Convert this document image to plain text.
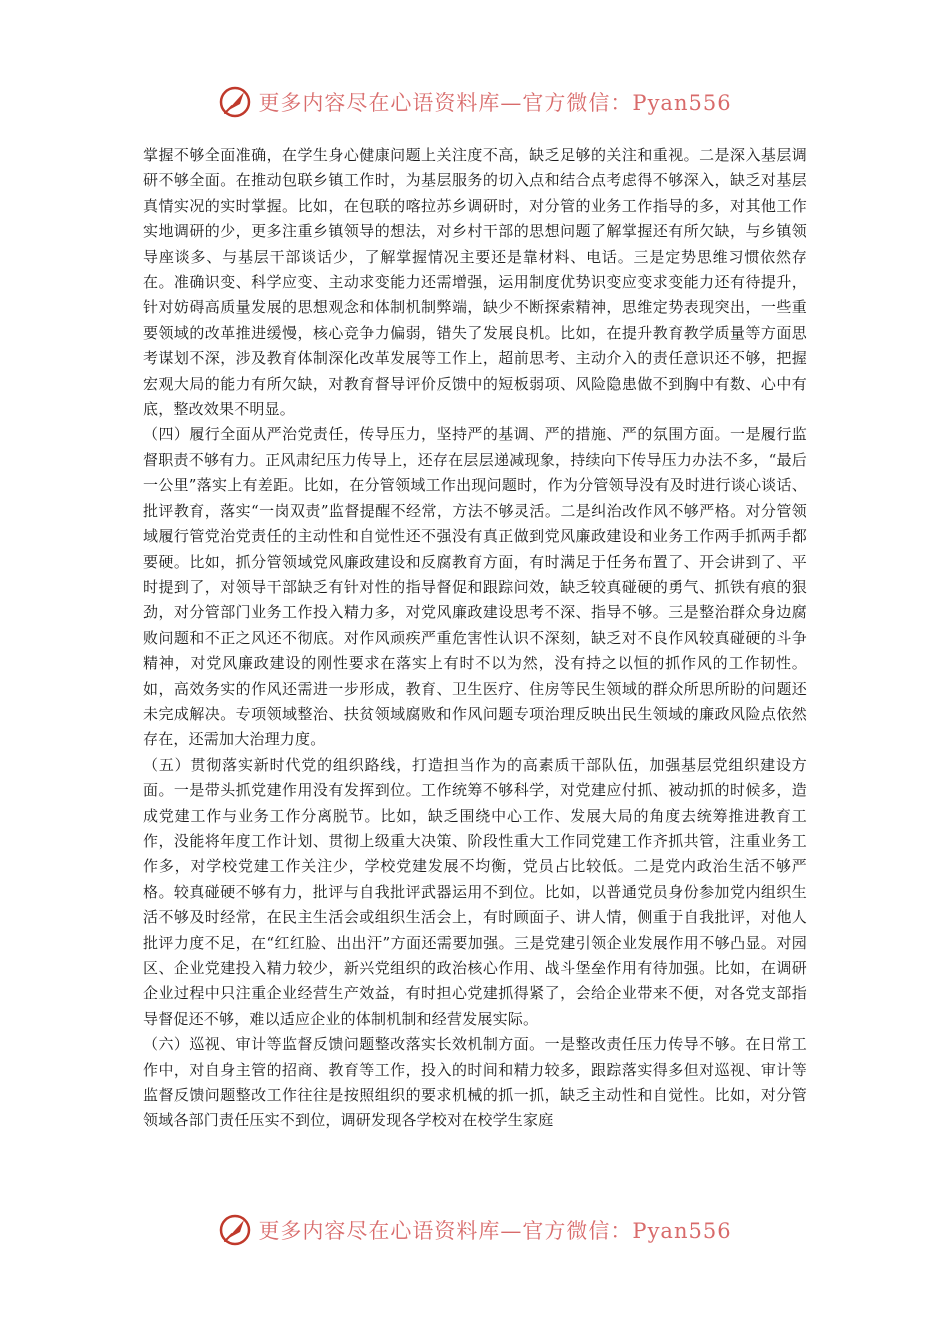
更多内容尽在心语资料库—官方微信：Pyan556

掌握不够全面准确，在学生身心健康问题上关注度不高，缺乏足够的关注和重视。二是深入基层调研不够全面。在推动包联乡镇工作时，为基层服务的切入点和结合点考虑得不够深入，缺乏对基层真情实况的实时掌握。比如，在包联的喀拉苏乡调研时，对分管的业务工作指导的多，对其他工作实地调研的少，更多注重乡镇领导的想法，对乡村干部的思想问题了解掌握还有所欠缺，与乡镇领导座谈多、与基层干部谈话少，了解掌握情况主要还是靠材料、电话。三是定势思维习惯依然存在。准确识变、科学应变、主动求变能力还需增强，运用制度优势识变应变求变能力还有待提升，针对妨碍高质量发展的思想观念和体制机制弊端，缺少不断探索精神，思维定势表现突出，一些重要领域的改革推进缓慢，核心竞争力偏弱，错失了发展良机。比如，在提升教育教学质量等方面思考谋划不深，涉及教育体制深化改革发展等工作上，超前思考、主动介入的责任意识还不够，把握宏观大局的能力有所欠缺，对教育督导评价反馈中的短板弱项、风险隐患做不到胸中有数、心中有底，整改效果不明显。

（四）履行全面从严治党责任，传导压力，坚持严的基调、严的措施、严的氛围方面。一是履行监督职责不够有力。正风肃纪压力传导上，还存在层层递减现象，持续向下传导压力办法不多，“最后一公里”落实上有差距。比如，在分管领域工作出现问题时，作为分管领导没有及时进行谈心谈话、批评教育，落实“一岗双责”监督提醒不经常，方法不够灵活。二是纠治改作风不够严格。对分管领域履行管党治党责任的主动性和自觉性还不强没有真正做到党风廉政建设和业务工作两手抓两手都要硬。比如，抓分管领域党风廉政建设和反腐教育方面，有时满足于任务布置了、开会讲到了、平时提到了，对领导干部缺乏有针对性的指导督促和跟踪问效，缺乏较真碰硬的勇气、抓铁有痕的狠劲，对分管部门业务工作投入精力多，对党风廉政建设思考不深、指导不够。三是整治群众身边腐败问题和不正之风还不彻底。对作风顽疾严重危害性认识不深刻，缺乏对不良作风较真碰硬的斗争精神，对党风廉政建设的刚性要求在落实上有时不以为然，没有持之以恒的抓作风的工作韧性。如，高效务实的作风还需进一步形成，教育、卫生医疗、住房等民生领域的群众所思所盼的问题还未完成解决。专项领域整治、扶贫领域腐败和作风问题专项治理反映出民生领域的廉政风险点依然存在，还需加大治理力度。

（五）贯彻落实新时代党的组织路线，打造担当作为的高素质干部队伍，加强基层党组织建设方面。一是带头抓党建作用没有发挥到位。工作统筹不够科学，对党建应付抓、被动抓的时候多，造成党建工作与业务工作分离脱节。比如，缺乏围绕中心工作、发展大局的角度去统筹推进教育工作，没能将年度工作计划、贯彻上级重大决策、阶段性重大工作同党建工作齐抓共管，注重业务工作多，对学校党建工作关注少，学校党建发展不均衡，党员占比较低。二是党内政治生活不够严格。较真碰硬不够有力，批评与自我批评武器运用不到位。比如，以普通党员身份参加党内组织生活不够及时经常，在民主生活会或组织生活会上，有时顾面子、讲人情，侧重于自我批评，对他人批评力度不足，在“红红脸、出出汗”方面还需要加强。三是党建引领企业发展作用不够凸显。对园区、企业党建投入精力较少，新兴党组织的政治核心作用、战斗堡垒作用有待加强。比如，在调研企业过程中只注重企业经营生产效益，有时担心党建抓得紧了，会给企业带来不便，对各党支部指导督促还不够，难以适应企业的体制机制和经营发展实际。

（六）巡视、审计等监督反馈问题整改落实长效机制方面。一是整改责任压力传导不够。在日常工作中，对自身主管的招商、教育等工作，投入的时间和精力较多，跟踪落实得多但对巡视、审计等监督反馈问题整改工作往往是按照组织的要求机械的抓一抓，缺乏主动性和自觉性。比如，对分管领域各部门责任压实不到位，调研发现各学校对在校学生家庭

更多内容尽在心语资料库—官方微信：Pyan556
